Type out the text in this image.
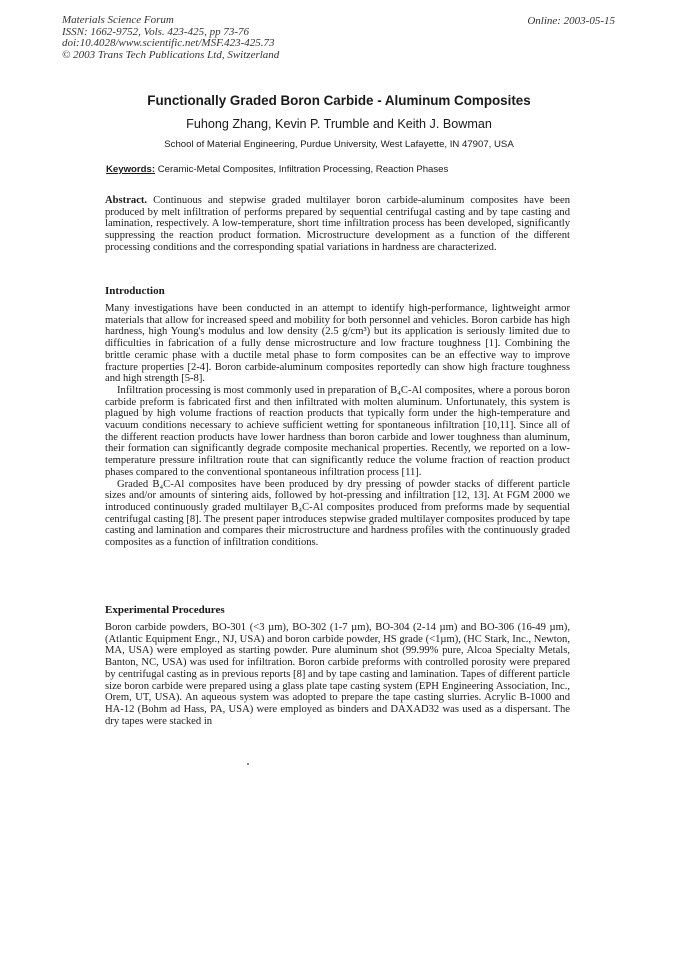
Materials Science Forum
ISSN: 1662-9752, Vols. 423-425, pp 73-76
doi:10.4028/www.scientific.net/MSF.423-425.73
© 2003 Trans Tech Publications Ltd, Switzerland
Online: 2003-05-15
Functionally Graded Boron Carbide - Aluminum Composites
Fuhong Zhang, Kevin P. Trumble and Keith J. Bowman
School of Material Engineering, Purdue University, West Lafayette, IN 47907, USA
Keywords: Ceramic-Metal Composites, Infiltration Processing, Reaction Phases

Abstract. Continuous and stepwise graded multilayer boron carbide-aluminum composites have been produced by melt infiltration of performs prepared by sequential centrifugal casting and by tape casting and lamination, respectively. A low-temperature, short time infiltration process has been developed, significantly suppressing the reaction product formation. Microstructure development as a function of the different processing conditions and the corresponding spatial variations in hardness are characterized.

Introduction

Many investigations have been conducted in an attempt to identify high-performance, lightweight armor materials that allow for increased speed and mobility for both personnel and vehicles. Boron carbide has high hardness, high Young's modulus and low density (2.5 g/cm³) but its application is seriously limited due to difficulties in fabrication of a fully dense microstructure and low fracture toughness [1]. Combining the brittle ceramic phase with a ductile metal phase to form composites can be an effective way to improve fracture properties [2-4]. Boron carbide-aluminum composites reportedly can show high fracture toughness and high strength [5-8].

Infiltration processing is most commonly used in preparation of B₄C-Al composites, where a porous boron carbide preform is fabricated first and then infiltrated with molten aluminum. Unfortunately, this system is plagued by high volume fractions of reaction products that typically form under the high-temperature and vacuum conditions necessary to achieve sufficient wetting for spontaneous infiltration [10,11]. Since all of the different reaction products have lower hardness than boron carbide and lower toughness than aluminum, their formation can significantly degrade composite mechanical properties. Recently, we reported on a low-temperature pressure infiltration route that can significantly reduce the volume fraction of reaction product phases compared to the conventional spontaneous infiltration process [11].

Graded B₄C-Al composites have been produced by dry pressing of powder stacks of different particle sizes and/or amounts of sintering aids, followed by hot-pressing and infiltration [12, 13]. At FGM 2000 we introduced continuously graded multilayer B₄C-Al composites produced from preforms made by sequential centrifugal casting [8]. The present paper introduces stepwise graded multilayer composites produced by tape casting and lamination and compares their microstructure and hardness profiles with the continuously graded composites as a function of infiltration conditions.

Experimental Procedures

Boron carbide powders, BO-301 (<3 µm), BO-302 (1-7 µm), BO-304 (2-14 µm) and BO-306 (16-49 µm), (Atlantic Equipment Engr., NJ, USA) and boron carbide powder, HS grade (<1µm), (HC Stark, Inc., Newton, MA, USA) were employed as starting powder. Pure aluminum shot (99.99% pure, Alcoa Specialty Metals, Banton, NC, USA) was used for infiltration. Boron carbide preforms with controlled porosity were prepared by centrifugal casting as in previous reports [8] and by tape casting and lamination. Tapes of different particle size boron carbide were prepared using a glass plate tape casting system (EPH Engineering Association, Inc., Orem, UT, USA). An aqueous system was adopted to prepare the tape casting slurries. Acrylic B-1000 and HA-12 (Bohm ad Hass, PA, USA) were employed as binders and DAXAD32 was used as a dispersant. The dry tapes were stacked in
